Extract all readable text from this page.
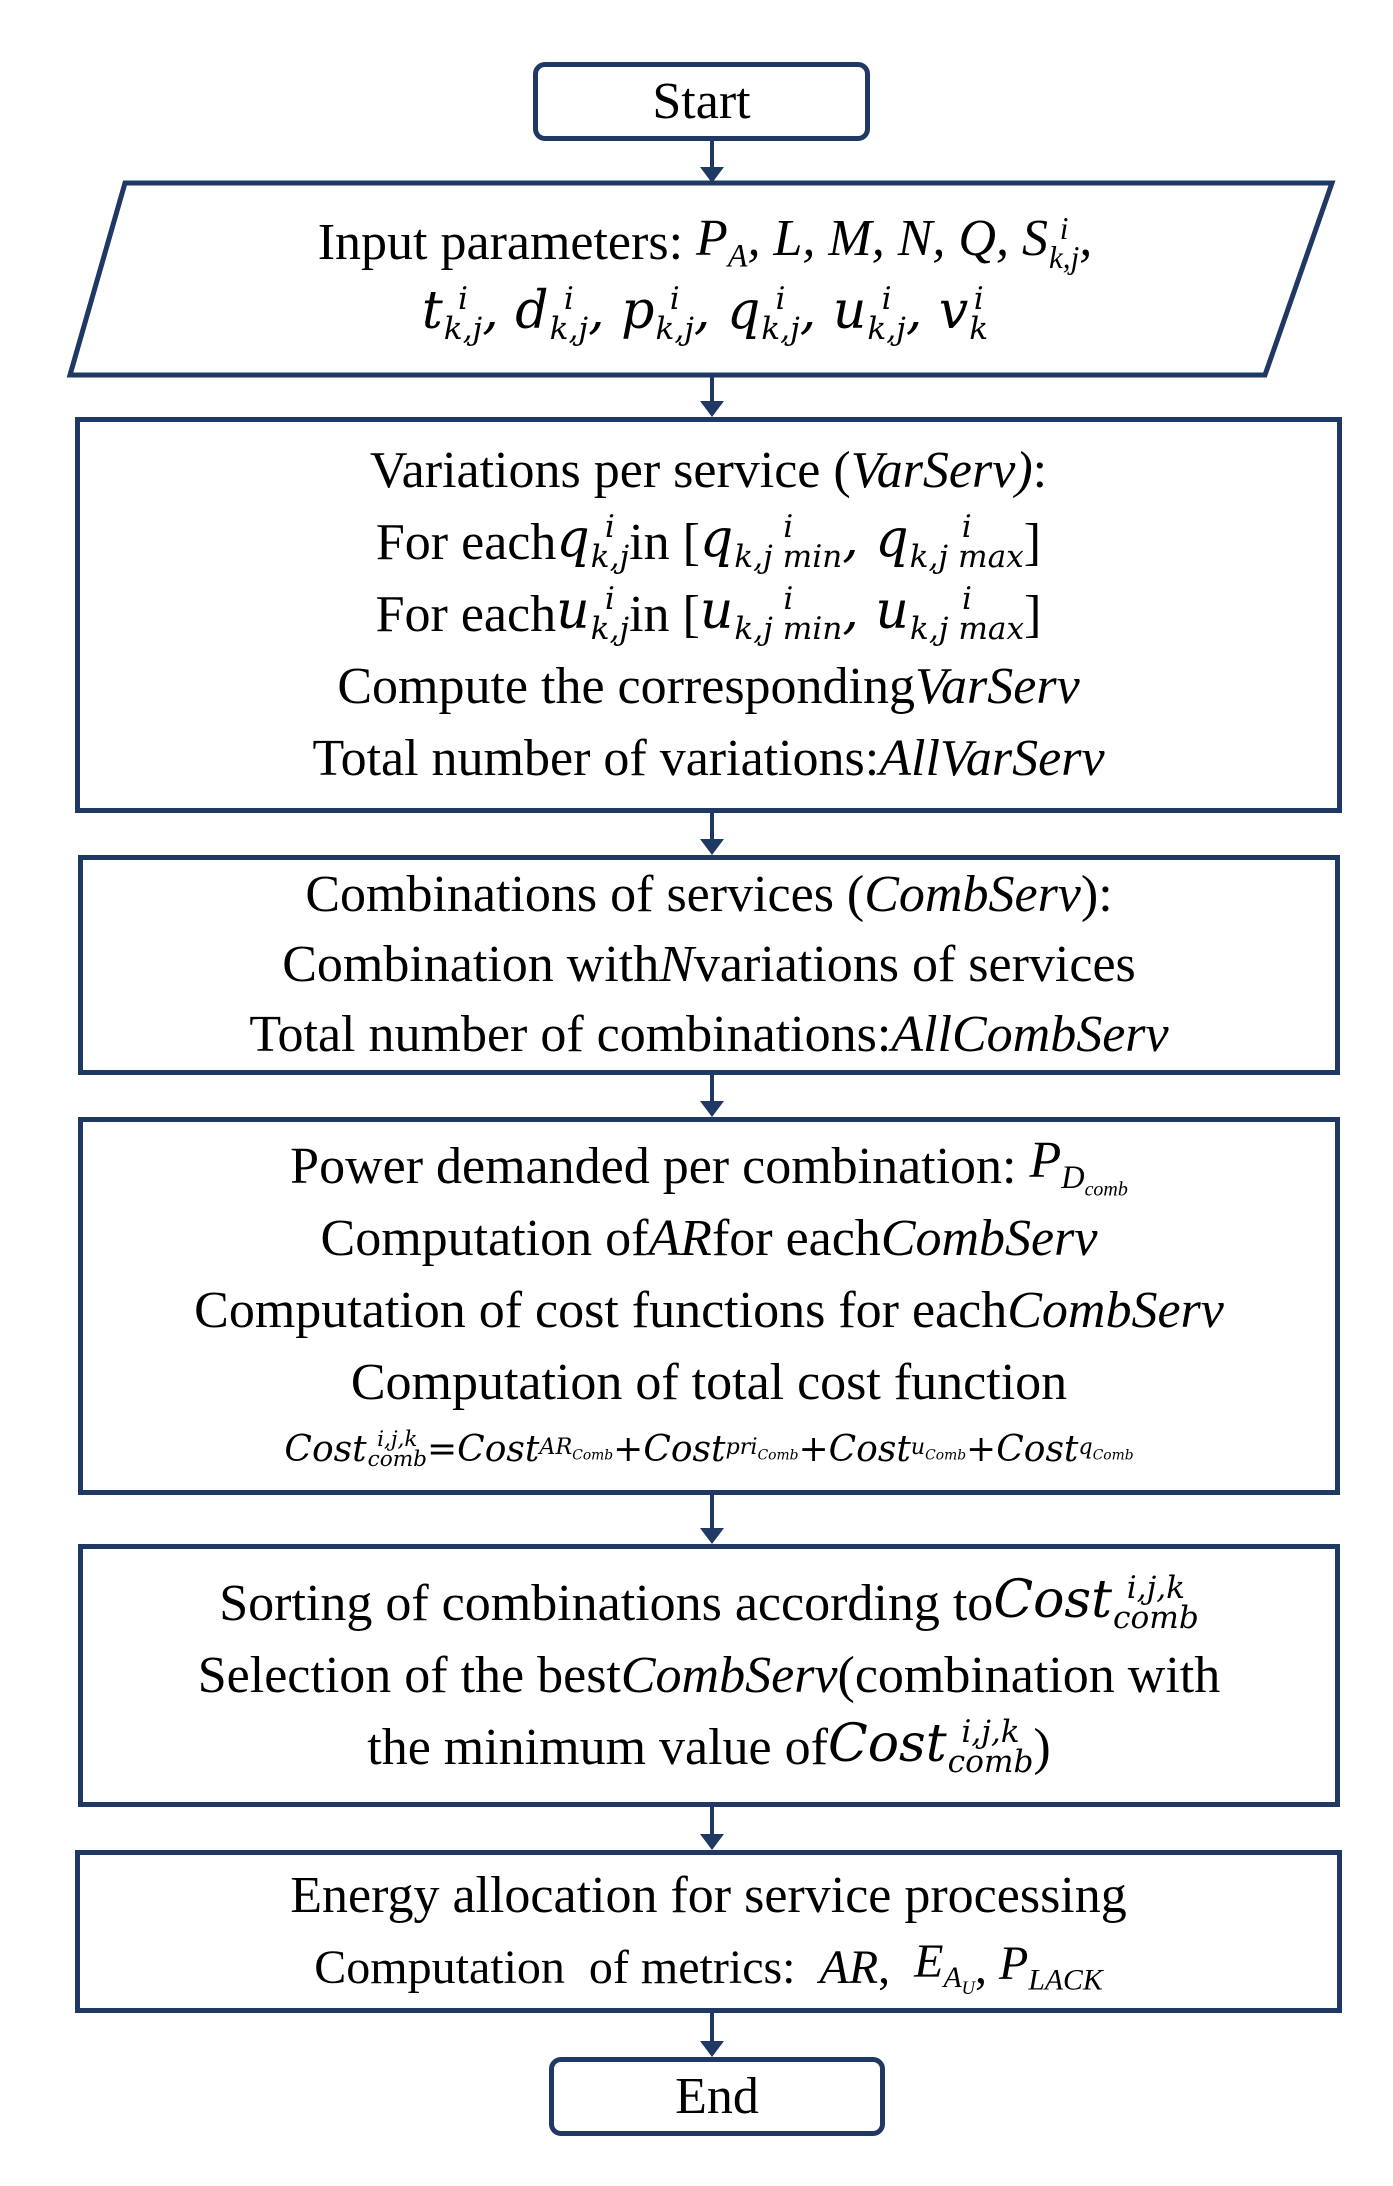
Start
Input parameters: $P_A$, L, M, N, Q, S i
k,j ,
t i
k,j , d i
k,j , p i
k,j , q i
k,j , u i
k,j , v i
k
Variations per service ( VarServ) :
For each q i
k,j in [ q	i
k,j min , q	i
k,j max ]
For each u i
k,j in [ u	i
k,j min , u	i
k,j max ]
Compute the corresponding VarServ
Total number of variations: AllVarServ
Combinations of services ( CombServ ):
Combination with N variations of services
Total number of combinations: AllCombServ
Power demanded per combination: $P_{D_{comb}}$
Computation of AR for each CombServ
Computation of cost functions for each CombServ
Computation of total cost function
Cost i,j,k
comb = Cost $AR_{Comb}$ + Cost pri$_{Comb}$ + Cost $u_{Comb}$ + Cost $q_{Comb}$
Sorting of combinations according to Cost i,j,k
comb
Selection of the best CombServ (combination with
the minimum value of Cost i,j,k
comb )
Energy allocation for service processing
Computation  of metrics: AR , $E_{A_U}$ , $P_{LACK}$
End
